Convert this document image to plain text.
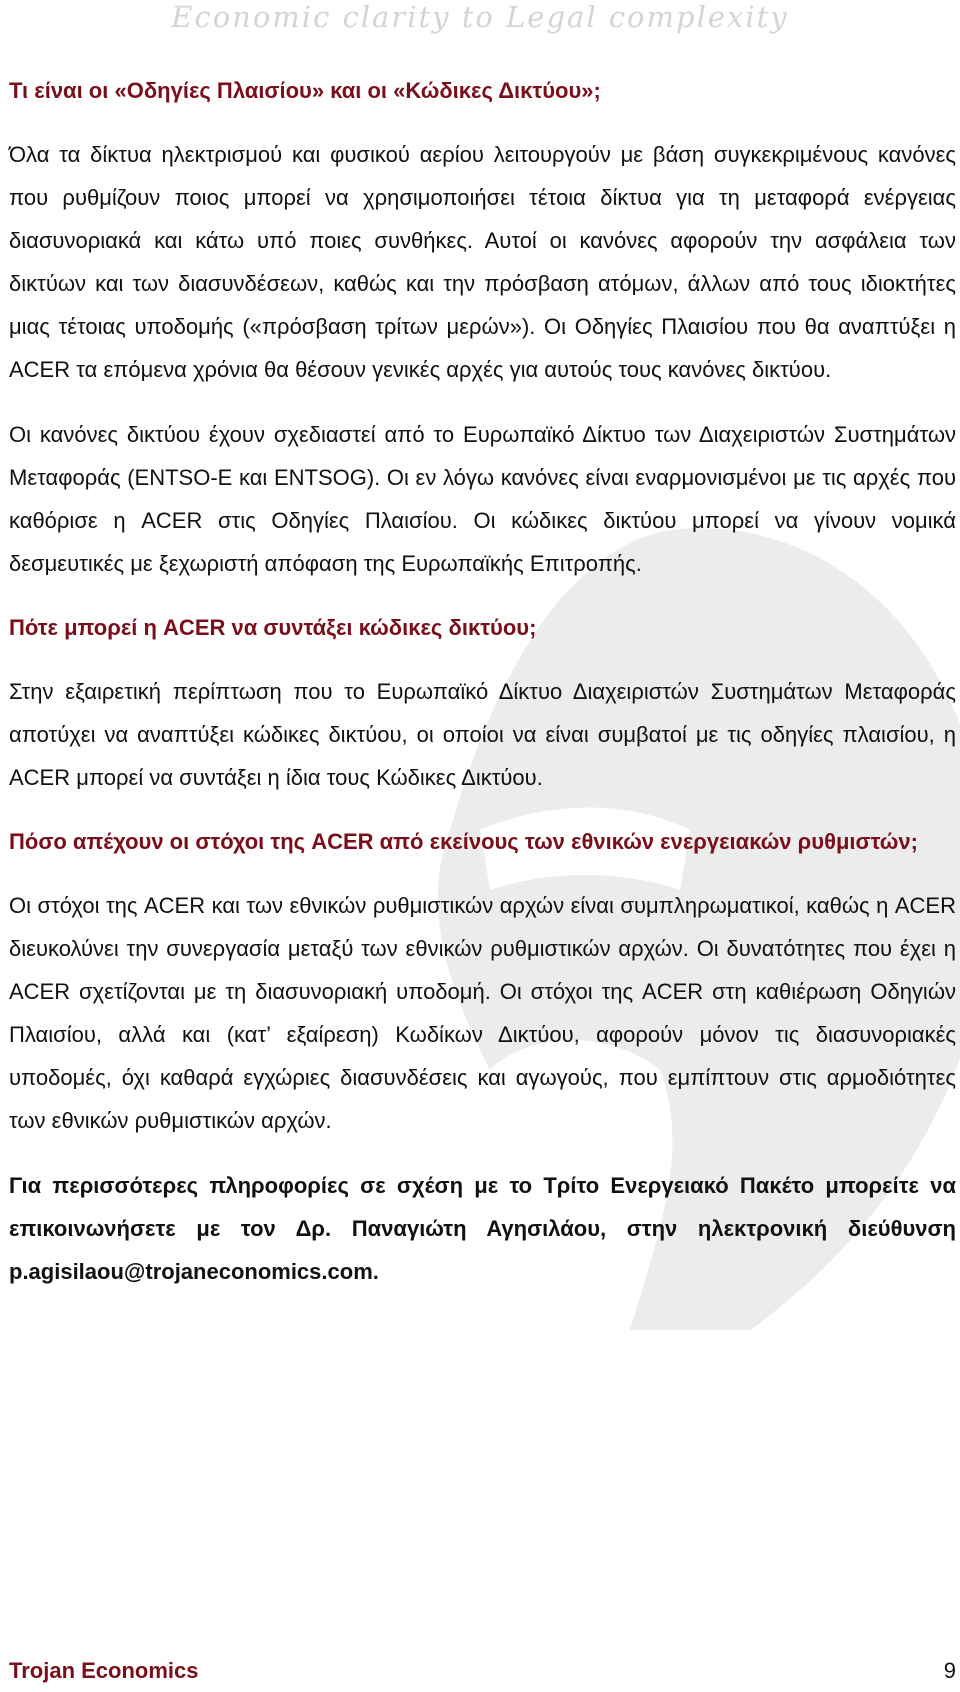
Economic clarity to Legal complexity

Τι είναι οι «Οδηγίες Πλαισίου» και οι «Κώδικες Δικτύου»;

Όλα τα δίκτυα ηλεκτρισμού και φυσικού αερίου λειτουργούν με βάση συγκεκριμένους κανόνες που ρυθμίζουν ποιος μπορεί να χρησιμοποιήσει τέτοια δίκτυα για τη μεταφορά ενέργειας διασυνοριακά και κάτω υπό ποιες συνθήκες. Αυτοί οι κανόνες αφορούν την ασφάλεια των δικτύων και των διασυνδέσεων, καθώς και την πρόσβαση ατόμων, άλλων από τους ιδιοκτήτες μιας τέτοιας υποδομής («πρόσβαση τρίτων μερών»). Οι Οδηγίες Πλαισίου που θα αναπτύξει η ACER τα επόμενα χρόνια θα θέσουν γενικές αρχές για αυτούς τους κανόνες δικτύου.

Οι κανόνες δικτύου έχουν σχεδιαστεί από το Ευρωπαϊκό Δίκτυο των Διαχειριστών Συστημάτων Μεταφοράς (ENTSO-E και ENTSOG). Οι εν λόγω κανόνες είναι εναρμονισμένοι με τις αρχές που καθόρισε η ACER στις Οδηγίες Πλαισίου. Οι κώδικες δικτύου μπορεί να γίνουν νομικά δεσμευτικές με ξεχωριστή απόφαση της Ευρωπαϊκής Επιτροπής.

Πότε μπορεί η ACER να συντάξει κώδικες δικτύου;

Στην εξαιρετική περίπτωση που το Ευρωπαϊκό Δίκτυο Διαχειριστών Συστημάτων Μεταφοράς αποτύχει να αναπτύξει κώδικες δικτύου, οι οποίοι να είναι συμβατοί με τις οδηγίες πλαισίου, η ACER μπορεί να συντάξει η ίδια τους Κώδικες Δικτύου.

Πόσο απέχουν οι στόχοι της ACER από εκείνους των εθνικών ενεργειακών ρυθμιστών;

Οι στόχοι της ACER και των εθνικών ρυθμιστικών αρχών είναι συμπληρωματικοί, καθώς η ACER διευκολύνει την συνεργασία μεταξύ των εθνικών ρυθμιστικών αρχών. Οι δυνατότητες που έχει η ACER σχετίζονται με τη διασυνοριακή υποδομή. Οι στόχοι της ACER στη καθιέρωση Οδηγιών Πλαισίου, αλλά και (κατ’ εξαίρεση) Κωδίκων Δικτύου, αφορούν μόνον τις διασυνοριακές υποδομές, όχι καθαρά εγχώριες διασυνδέσεις και αγωγούς, που εμπίπτουν στις αρμοδιότητες των εθνικών ρυθμιστικών αρχών.

Για περισσότερες πληροφορίες σε σχέση με το Τρίτο Ενεργειακό Πακέτο μπορείτε να επικοινωνήσετε με τον Δρ. Παναγιώτη Αγησιλάου, στην ηλεκτρονική διεύθυνση p.agisilaou@trojaneconomics.com.

Trojan Economics	9
